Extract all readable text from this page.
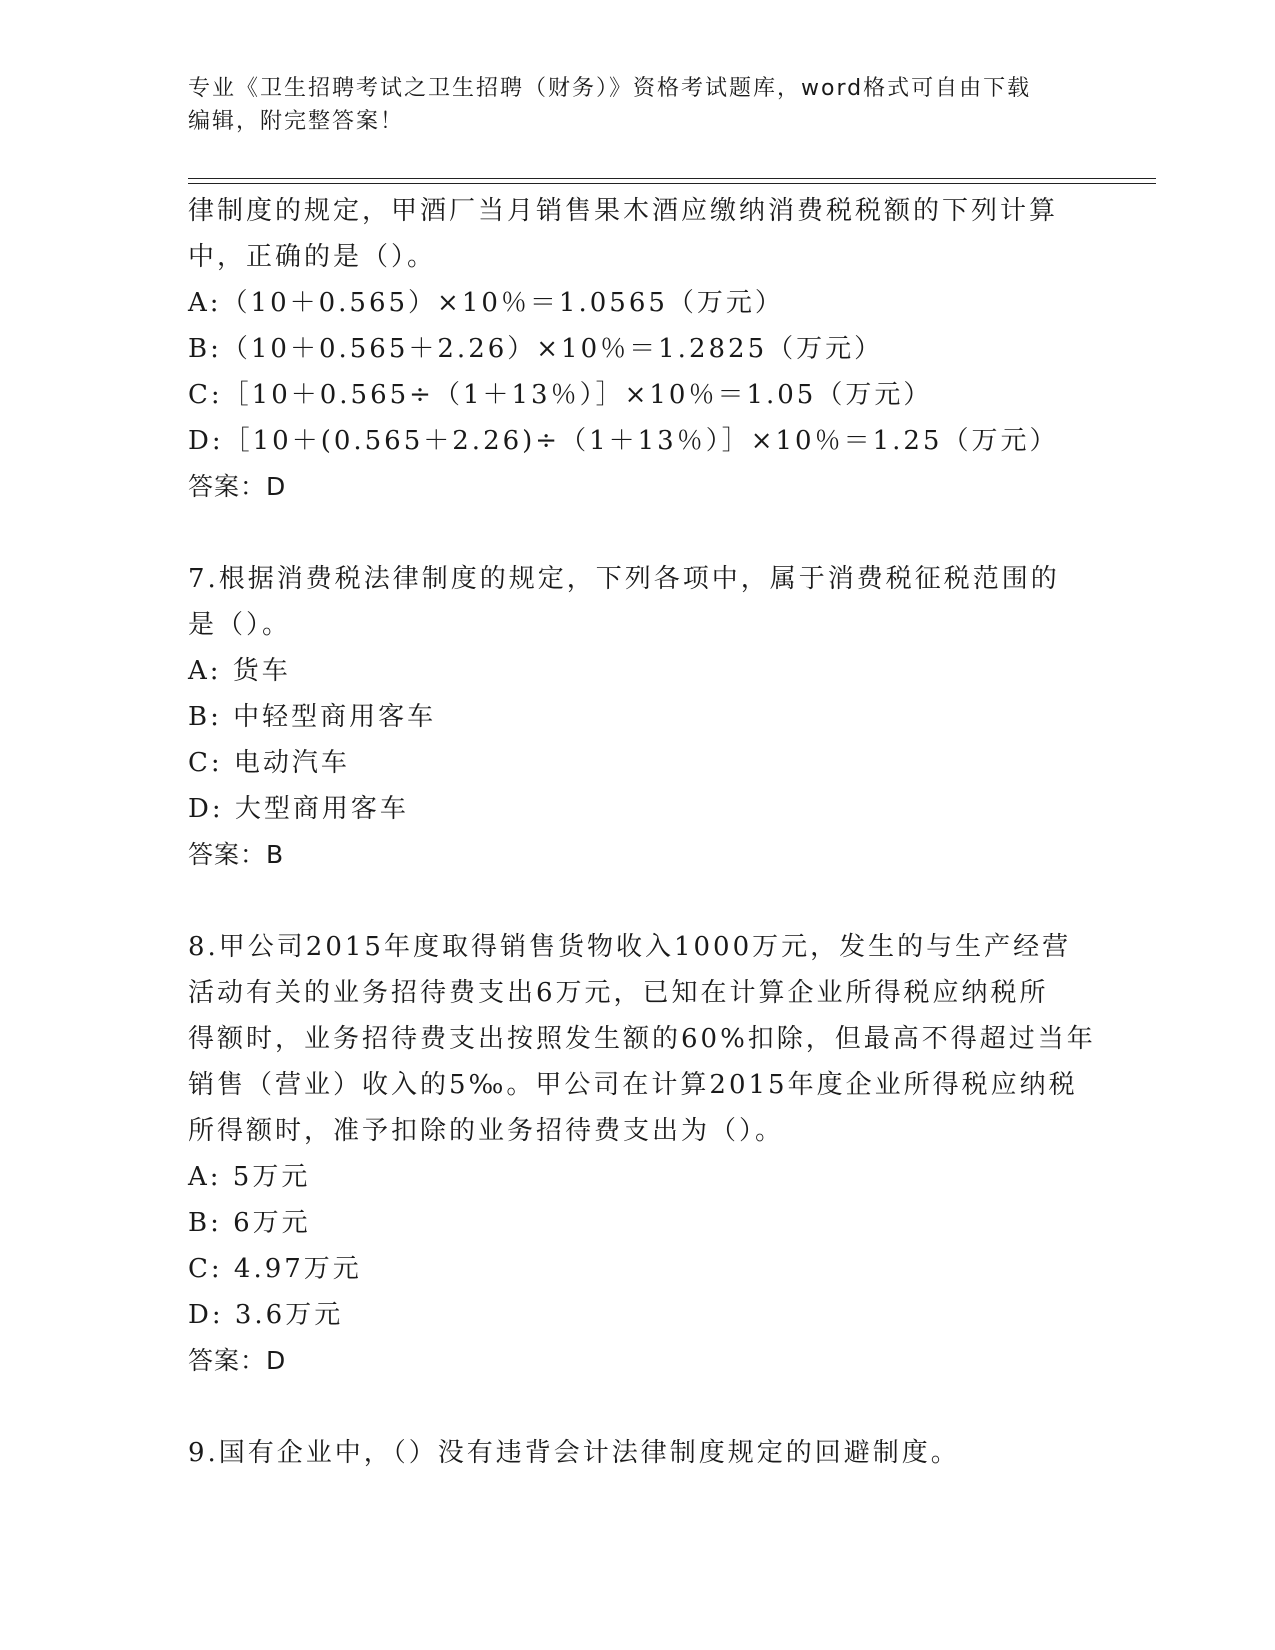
专业《卫生招聘考试之卫生招聘（财务）》资格考试题库，word格式可自由下载
编辑，附完整答案！
律制度的规定，甲酒厂当月销售果木酒应缴纳消费税税额的下列计算
中，正确的是（）。
A:（10＋0.565）×10％＝1.0565（万元）
B:（10＋0.565＋2.26）×10％＝1.2825（万元）
C:［10＋0.565÷（1＋13％）］×10％＝1.05（万元）
D:［10＋(0.565＋2.26)÷（1＋13％）］×10％＝1.25（万元）
答案：D
7.根据消费税法律制度的规定，下列各项中，属于消费税征税范围的
是（）。
A: 货车
B: 中轻型商用客车
C: 电动汽车
D: 大型商用客车
答案：B
8.甲公司2015年度取得销售货物收入1000万元，发生的与生产经营
活动有关的业务招待费支出6万元，已知在计算企业所得税应纳税所
得额时，业务招待费支出按照发生额的60%扣除，但最高不得超过当年
销售（营业）收入的5‰。甲公司在计算2015年度企业所得税应纳税
所得额时，准予扣除的业务招待费支出为（）。
A: 5万元
B: 6万元
C: 4.97万元
D: 3.6万元
答案：D
9.国有企业中，（）没有违背会计法律制度规定的回避制度。
